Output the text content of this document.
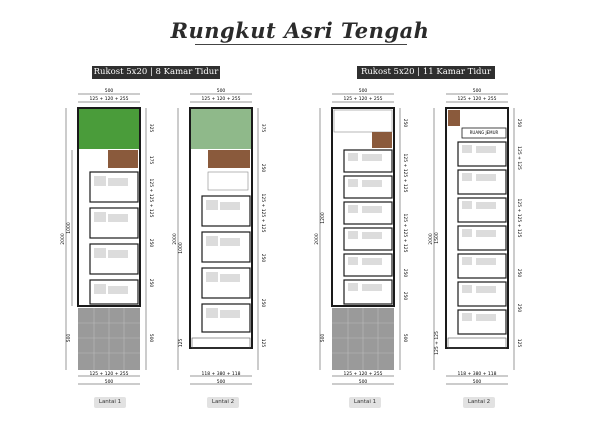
Rungkut Asri Tengah
Rukost 5x20 | 8 Kamar Tidur	Rukost 5x20 | 11 Kamar Tidur
500
125 + 120 + 255
2000
1000
500
325
175
125 + 125 + 125
250
250
500
125 + 120 + 255
500
Lantai 1
500
125 + 120 + 255
2000
1000
125
375
250
125 + 125 + 125
250
250
125
118 + 380 + 118
500
Lantai 2
500
125 + 120 + 255
2000
1200
500
250
125 + 125 + 125
125 + 125 + 125
250
250
500
125 + 120 + 255
500
Lantai 1
500
125 + 120 + 255
RUANG JEMUR
2000 1500
125 + 125
250
125 + 125
125 + 125 + 125
250
250
125
118 + 380 + 118
500
Lantai 2
